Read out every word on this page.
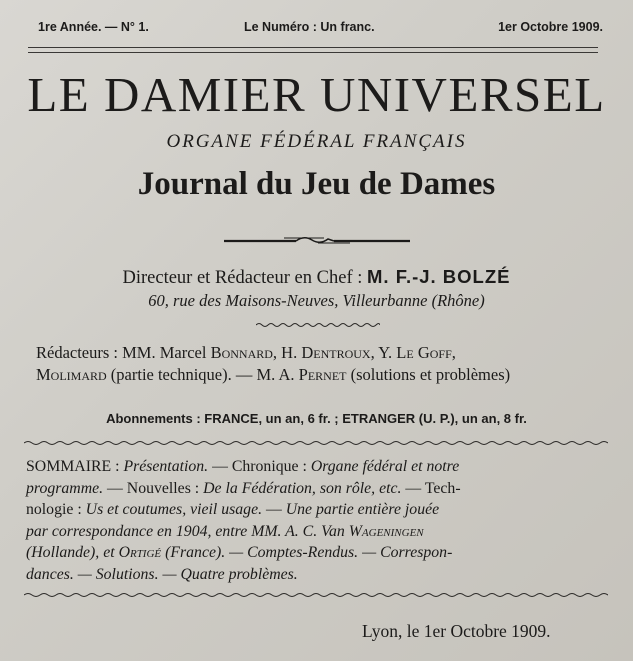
1re Année. — N° 1.	Le Numéro : Un franc.	1er Octobre 1909.
LE DAMIER UNIVERSEL
ORGANE FÉDÉRAL FRANÇAIS
Journal du Jeu de Dames
Directeur et Rédacteur en Chef : M. F.-J. BOLZÉ
60, rue des Maisons-Neuves, Villeurbanne (Rhône)
Rédacteurs : MM. Marcel Bonnard, H. Dentroux, Y. Le Goff,
Molimard (partie technique). — M. A. Pernet (solutions et problèmes)
Abonnements : FRANCE, un an, 6 fr. ; ETRANGER (U. P.), un an, 8 fr.
SOMMAIRE : Présentation. — Chronique : Organe fédéral et notre
programme. — Nouvelles : De la Fédération, son rôle, etc. — Tech-
nologie : Us et coutumes, vieil usage. — Une partie entière jouée
par correspondance en 1904, entre MM. A. C. Van Wageningen
(Hollande), et Ortigé (France). — Comptes-Rendus. — Correspon-
dances. — Solutions. — Quatre problèmes.
Lyon, le 1er Octobre 1909.
